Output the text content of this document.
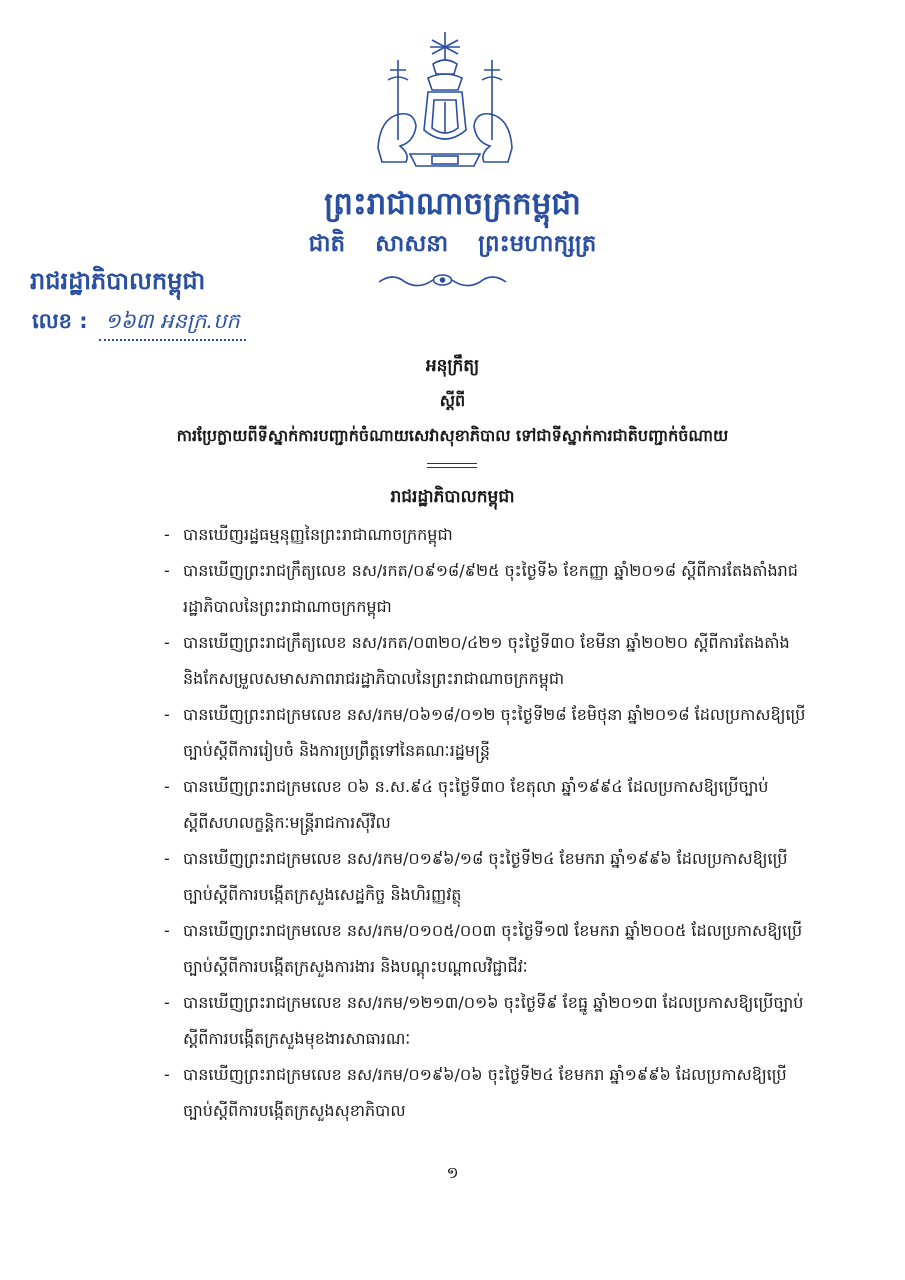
ព្រះរាជាណាចក្រកម្ពុជា
ជាតិ សាសនា ព្រះមហាក្សត្រ
រាជរដ្ឋាភិបាលកម្ពុជា
លេខ : ១៦៣ អនក្រ.បក
អនុក្រឹត្យ
ស្តីពី
ការប្រែក្លាយពីទីស្នាក់ការបញ្ជាក់ចំណាយសេវាសុខាភិបាល ទៅជាទីស្នាក់ការជាតិបញ្ជាក់ចំណាយ
រាជរដ្ឋាភិបាលកម្ពុជា
- បានឃើញរដ្ឋធម្មនុញ្ញនៃព្រះរាជាណាចក្រកម្ពុជា
- បានឃើញព្រះរាជក្រឹត្យលេខ នស/រកត/០៩១៨/៩២៥ ចុះថ្ងៃទី៦ ខែកញ្ញា ឆ្នាំ២០១៨ ស្តីពីការតែងតាំងរាជរដ្ឋាភិបាលនៃព្រះរាជាណាចក្រកម្ពុជា
- បានឃើញព្រះរាជក្រឹត្យលេខ នស/រកត/០៣២០/៤២១ ចុះថ្ងៃទី៣០ ខែមីនា ឆ្នាំ២០២០ ស្តីពីការតែងតាំង និងកែសម្រួលសមាសភាពរាជរដ្ឋាភិបាលនៃព្រះរាជាណាចក្រកម្ពុជា
- បានឃើញព្រះរាជក្រមលេខ នស/រកម/០៦១៨/០១២ ចុះថ្ងៃទី២៨ ខែមិថុនា ឆ្នាំ២០១៨ ដែលប្រកាសឱ្យប្រើច្បាប់ស្តីពីការរៀបចំ និងការប្រព្រឹត្តទៅនៃគណៈរដ្ឋមន្ត្រី
- បានឃើញព្រះរាជក្រមលេខ ០៦ ន.ស.៩៤ ចុះថ្ងៃទី៣០ ខែតុលា ឆ្នាំ១៩៩៤ ដែលប្រកាសឱ្យប្រើច្បាប់ស្តីពីសហលក្ខន្តិកៈមន្ត្រីរាជការស៊ីវិល
- បានឃើញព្រះរាជក្រមលេខ នស/រកម/០១៩៦/១៨ ចុះថ្ងៃទី២៤ ខែមករា ឆ្នាំ១៩៩៦ ដែលប្រកាសឱ្យប្រើច្បាប់ស្តីពីការបង្កើតក្រសួងសេដ្ឋកិច្ច និងហិរញ្ញវត្ថុ
- បានឃើញព្រះរាជក្រមលេខ នស/រកម/០១០៥/០០៣ ចុះថ្ងៃទី១៧ ខែមករា ឆ្នាំ២០០៥ ដែលប្រកាសឱ្យប្រើច្បាប់ស្តីពីការបង្កើតក្រសួងការងារ និងបណ្តុះបណ្តាលវិជ្ជាជីវៈ
- បានឃើញព្រះរាជក្រមលេខ នស/រកម/១២១៣/០១៦ ចុះថ្ងៃទី៩ ខែធ្នូ ឆ្នាំ២០១៣ ដែលប្រកាសឱ្យប្រើច្បាប់ស្តីពីការបង្កើតក្រសួងមុខងារសាធារណៈ
- បានឃើញព្រះរាជក្រមលេខ នស/រកម/០១៩៦/០៦ ចុះថ្ងៃទី២៤ ខែមករា ឆ្នាំ១៩៩៦ ដែលប្រកាសឱ្យប្រើច្បាប់ស្តីពីការបង្កើតក្រសួងសុខាភិបាល
១
